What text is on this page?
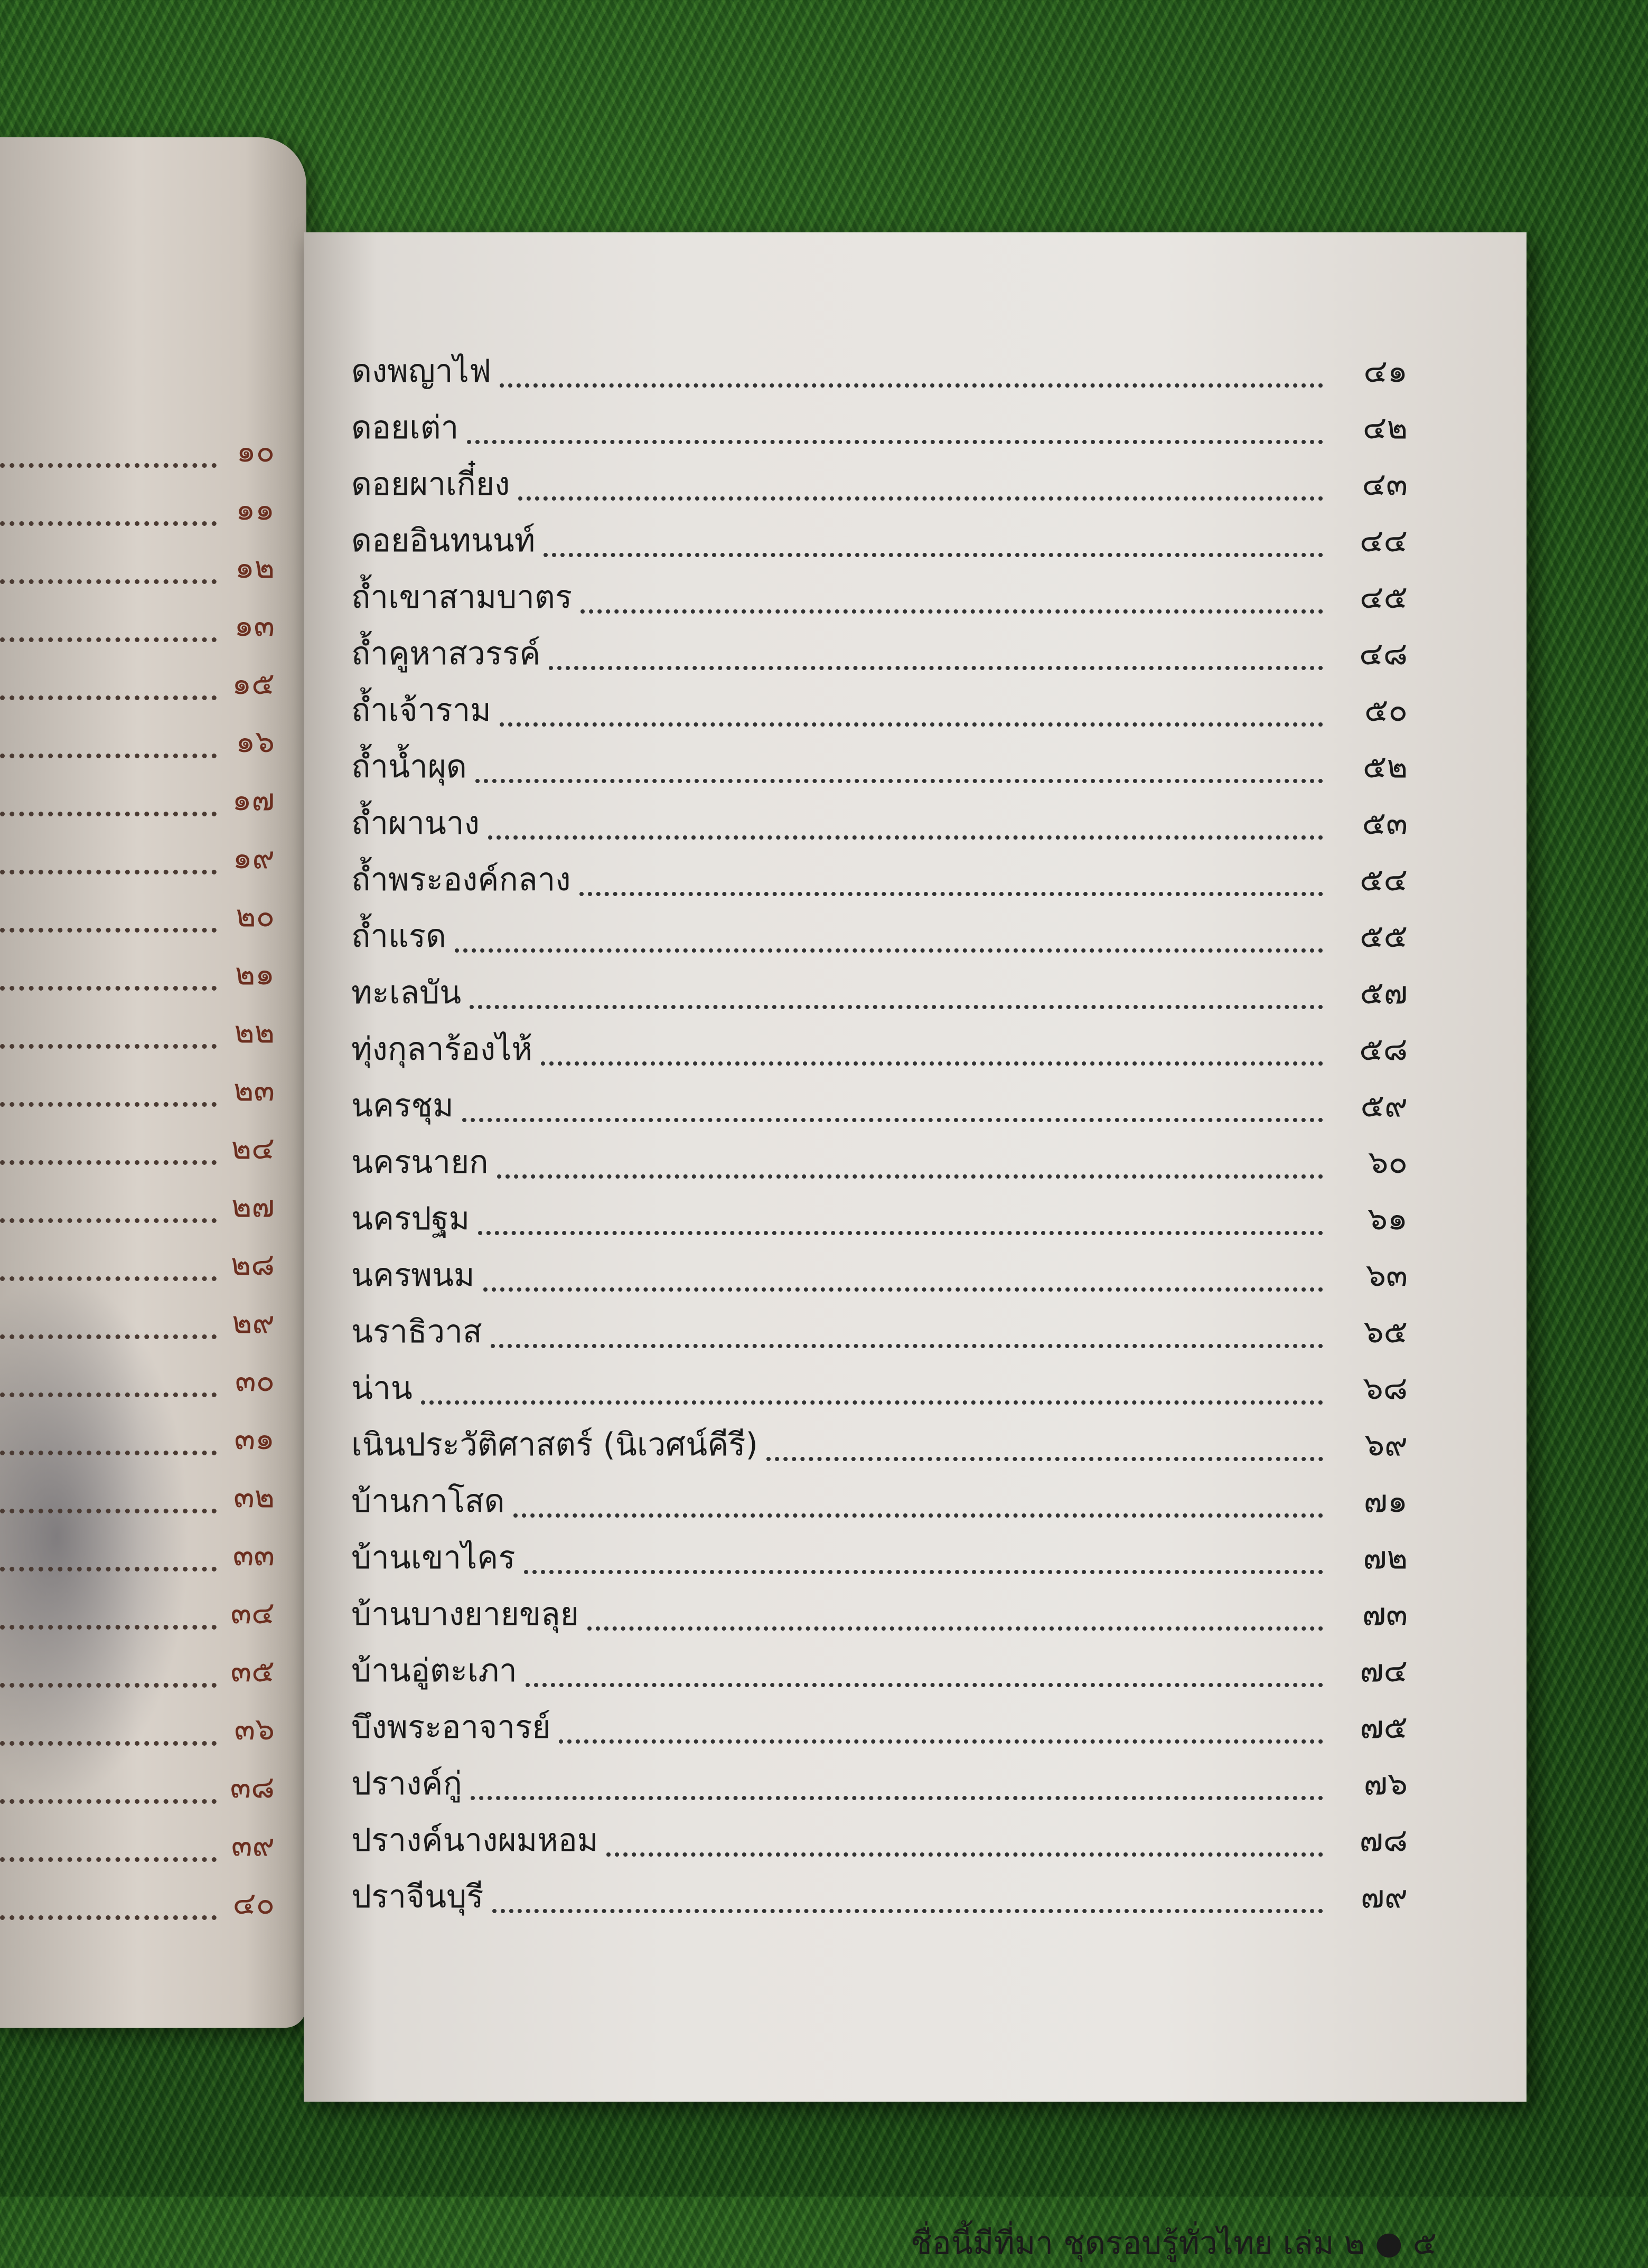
๑๐
๑๑
๑๒
๑๓
๑๕
๑๖
๑๗
๑๙
๒๐
๒๑
๒๒
๒๓
๒๔
๒๗
๒๘
๒๙
๓๐
๓๑
๓๒
๓๓
๓๔
๓๕
๓๖
๓๘
๓๙
๔๐
ดงพญาไฟ	๔๑
ดอยเต่า	๔๒
ดอยผาเกี๋ยง	๔๓
ดอยอินทนนท์	๔๔
ถ้ำเขาสามบาตร	๔๕
ถ้ำคูหาสวรรค์	๔๘
ถ้ำเจ้าราม	๕๐
ถ้ำน้ำผุด	๕๒
ถ้ำผานาง	๕๓
ถ้ำพระองค์กลาง	๕๔
ถ้ำแรด	๕๕
ทะเลบัน	๕๗
ทุ่งกุลาร้องไห้	๕๘
นครชุม	๕๙
นครนายก	๖๐
นครปฐม	๖๑
นครพนม	๖๓
นราธิวาส	๖๕
น่าน	๖๘
เนินประวัติศาสตร์ (นิเวศน์คีรี)	๖๙
บ้านกาโสด	๗๑
บ้านเขาไคร	๗๒
บ้านบางยายขลุย	๗๓
บ้านอู่ตะเภา	๗๔
บึงพระอาจารย์	๗๕
ปรางค์กู่	๗๖
ปรางค์นางผมหอม	๗๘
ปราจีนบุรี	๗๙
ชื่อนี้มีที่มา ชุดรอบรู้ทั่วไทย เล่ม ๒ ● ๕
